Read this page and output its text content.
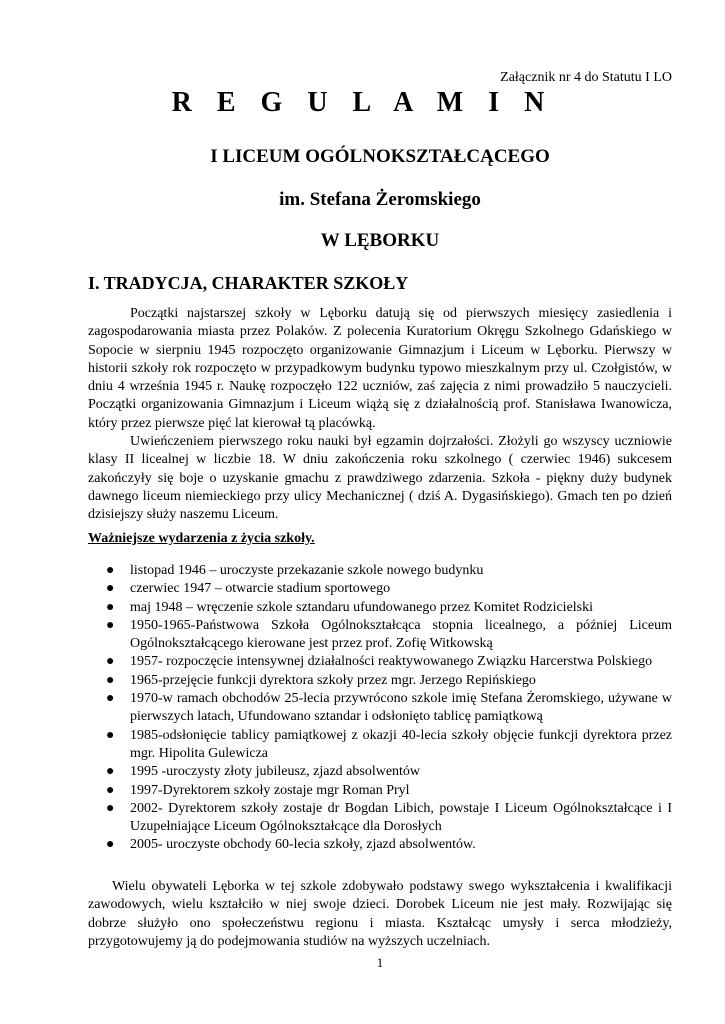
Załącznik nr 4 do Statutu I LO
R E G U L A M I N
I LICEUM OGÓLNOKSZTAŁCĄCEGO
im. Stefana Żeromskiego
W LĘBORKU
I. TRADYCJA, CHARAKTER SZKOŁY

Początki najstarszej szkoły w Lęborku datują się od pierwszych miesięcy zasiedlenia i zagospodarowania miasta przez Polaków. Z polecenia Kuratorium Okręgu Szkolnego Gdańskiego w Sopocie w sierpniu 1945 rozpoczęto organizowanie Gimnazjum i Liceum w Lęborku. Pierwszy w historii szkoły rok rozpoczęto w przypadkowym budynku typowo mieszkalnym przy ul. Czołgistów, w dniu 4 września 1945 r. Naukę rozpoczęło 122 uczniów, zaś zajęcia z nimi prowadziło 5 nauczycieli. Początki organizowania Gimnazjum i Liceum wiążą się z działalnością prof. Stanisława Iwanowicza, który przez pierwsze pięć lat kierował tą placówką.

Uwieńczeniem pierwszego roku nauki był egzamin dojrzałości. Złożyli go wszyscy uczniowie klasy II licealnej w liczbie 18. W dniu zakończenia roku szkolnego ( czerwiec 1946) sukcesem zakończyły się boje o uzyskanie gmachu z prawdziwego zdarzenia. Szkoła - piękny duży budynek dawnego liceum niemieckiego przy ulicy Mechanicznej ( dziś A. Dygasińskiego). Gmach ten po dzień dzisiejszy służy naszemu Liceum.

Ważniejsze wydarzenia z życia szkoły.
●	listopad 1946 – uroczyste przekazanie szkole nowego budynku
●	czerwiec 1947 – otwarcie stadium sportowego
●	maj 1948 – wręczenie szkole sztandaru ufundowanego przez Komitet Rodzicielski
●	1950-1965-Państwowa Szkoła Ogólnokształcąca stopnia licealnego, a później Liceum Ogólnokształcącego kierowane jest przez prof. Zofię Witkowską
●	1957- rozpoczęcie intensywnej działalności reaktywowanego Związku Harcerstwa Polskiego
●	1965-przejęcie funkcji dyrektora szkoły przez mgr. Jerzego Repińskiego
●	1970-w ramach obchodów 25-lecia przywrócono szkole imię Stefana Żeromskiego, używane w pierwszych latach, Ufundowano sztandar i odsłonięto tablicę pamiątkową
●	1985-odsłonięcie tablicy pamiątkowej z okazji 40-lecia szkoły objęcie funkcji dyrektora przez mgr. Hipolita Gulewicza
●	1995 -uroczysty złoty jubileusz, zjazd absolwentów
●	1997-Dyrektorem szkoły zostaje mgr Roman Pryl
●	2002- Dyrektorem szkoły zostaje dr Bogdan Libich, powstaje I Liceum Ogólnokształcące i I Uzupełniające Liceum Ogólnokształcące dla Dorosłych
●	2005- uroczyste obchody 60-lecia szkoły, zjazd absolwentów.

Wielu obywateli Lęborka w tej szkole zdobywało podstawy swego wykształcenia i kwalifikacji zawodowych, wielu kształciło w niej swoje dzieci. Dorobek Liceum nie jest mały. Rozwijając się dobrze służyło ono społeczeństwu regionu i miasta. Kształcąc umysły i serca młodzieży, przygotowujemy ją do podejmowania studiów na wyższych uczelniach.

1
